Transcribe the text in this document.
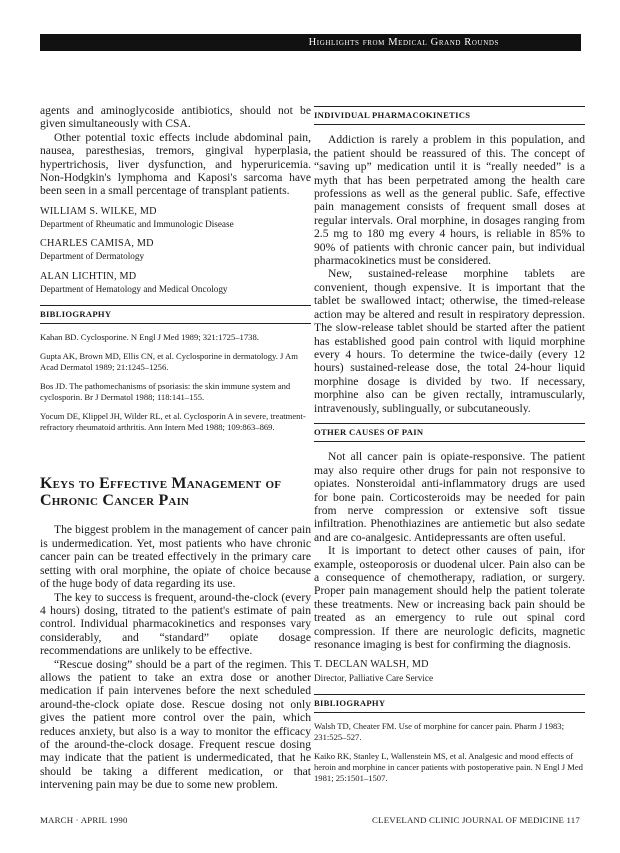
Highlights from Medical Grand Rounds

agents and aminoglycoside antibiotics, should not be given simultaneously with CSA.

Other potential toxic effects include abdominal pain, nausea, paresthesias, tremors, gingival hyperplasia, hypertrichosis, liver dysfunction, and hyperuricemia. Non-Hodgkin's lymphoma and Kaposi's sarcoma have been seen in a small percentage of transplant patients.

WILLIAM S. WILKE, MD
Department of Rheumatic and Immunologic Disease
CHARLES CAMISA, MD
Department of Dermatology
ALAN LICHTIN, MD
Department of Hematology and Medical Oncology
BIBLIOGRAPHY
Kahan BD. Cyclosporine. N Engl J Med 1989; 321:1725–1738.
Gupta AK, Brown MD, Ellis CN, et al. Cyclosporine in dermatology. J Am Acad Dermatol 1989; 21:1245–1256.
Bos JD. The pathomechanisms of psoriasis: the skin immune system and cyclosporin. Br J Dermatol 1988; 118:141–155.
Yocum DE, Klippel JH, Wilder RL, et al. Cyclosporin A in severe, treatment-refractory rheumatoid arthritis. Ann Intern Med 1988; 109:863–869.
Keys to Effective Management of Chronic Cancer Pain

The biggest problem in the management of cancer pain is undermedication. Yet, most patients who have chronic cancer pain can be treated effectively in the primary care setting with oral morphine, the opiate of choice because of the huge body of data regarding its use.

The key to success is frequent, around-the-clock (every 4 hours) dosing, titrated to the patient's estimate of pain control. Individual pharmacokinetics and responses vary considerably, and “standard” opiate dosage recommendations are unlikely to be effective.

“Rescue dosing” should be a part of the regimen. This allows the patient to take an extra dose or another medication if pain intervenes before the next scheduled around-the-clock opiate dose. Rescue dosing not only gives the patient more control over the pain, which reduces anxiety, but also is a way to monitor the efficacy of the around-the-clock dosage. Frequent rescue dosing may indicate that the patient is undermedicated, that he should be taking a different medication, or that intervening pain may be due to some new problem.

INDIVIDUAL PHARMACOKINETICS

Addiction is rarely a problem in this population, and the patient should be reassured of this. The concept of “saving up” medication until it is “really needed” is a myth that has been perpetrated among the health care professions as well as the general public. Safe, effective pain management consists of frequent small doses at regular intervals. Oral morphine, in dosages ranging from 2.5 mg to 180 mg every 4 hours, is reliable in 85% to 90% of patients with chronic cancer pain, but individual pharmacokinetics must be considered.

New, sustained-release morphine tablets are convenient, though expensive. It is important that the tablet be swallowed intact; otherwise, the timed-release action may be altered and result in respiratory depression. The slow-release tablet should be started after the patient has established good pain control with liquid morphine every 4 hours. To determine the twice-daily (every 12 hours) sustained-release dose, the total 24-hour liquid morphine dosage is divided by two. If necessary, morphine also can be given rectally, intramuscularly, intravenously, sublingually, or subcutaneously.

OTHER CAUSES OF PAIN

Not all cancer pain is opiate-responsive. The patient may also require other drugs for pain not responsive to opiates. Nonsteroidal anti-inflammatory drugs are used for bone pain. Corticosteroids may be needed for pain from nerve compression or extensive soft tissue infiltration. Phenothiazines are antiemetic but also sedate and are co-analgesic. Antidepressants are often useful.

It is important to detect other causes of pain, ifor example, osteoporosis or duodenal ulcer. Pain also can be a consequence of chemotherapy, radiation, or surgery. Proper pain management should help the patient tolerate these treatments. New or increasing back pain should be treated as an emergency to rule out spinal cord compression. If there are neurologic deficits, magnetic resonance imaging is best for confirming the diagnosis.

T. DECLAN WALSH, MD
Director, Palliative Care Service
BIBLIOGRAPHY
Walsh TD, Cheater FM. Use of morphine for cancer pain. Pharm J 1983; 231:525–527.
Kaiko RK, Stanley L, Wallenstein MS, et al. Analgesic and mood effects of heroin and morphine in cancer patients with postoperative pain. N Engl J Med 1981; 25:1501–1507.
MARCH · APRIL 1990	CLEVELAND CLINIC JOURNAL OF MEDICINE 117
